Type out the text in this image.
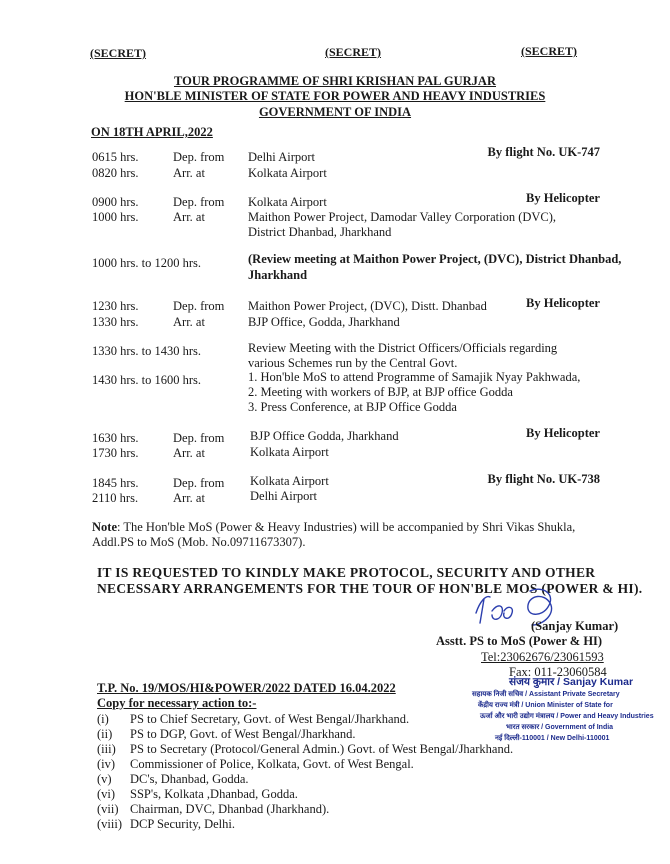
(SECRET)	(SECRET)	(SECRET)
TOUR PROGRAMME OF SHRI KRISHAN PAL GURJAR
HON'BLE MINISTER OF STATE FOR POWER AND HEAVY INDUSTRIES
GOVERNMENT OF INDIA
ON 18TH APRIL,2022
0615 hrs.	Dep. from Delhi Airport	By flight No. UK-747
0820 hrs.	Arr. at	Kolkata Airport
0900 hrs.	Dep. from Kolkata Airport	By Helicopter
1000 hrs.	Arr. at	Maithon Power Project, Damodar Valley Corporation (DVC),
District Dhanbad, Jharkhand
1000 hrs. to 1200 hrs.	(Review meeting at Maithon Power Project, (DVC), District Dhanbad,
Jharkhand
1230 hrs.	Dep. from Maithon Power Project, (DVC), Distt. Dhanbad	By Helicopter
1330 hrs.	Arr. at	BJP Office, Godda, Jharkhand
1330 hrs. to 1430 hrs.	Review Meeting with the District Officers/Officials regarding
various Schemes run by the Central Govt.
1430 hrs. to 1600 hrs.	1. Hon'ble MoS to attend Programme of Samajik Nyay Pakhwada,
2. Meeting with workers of BJP, at BJP office Godda
3. Press Conference, at BJP Office Godda
1630 hrs.	Dep. from BJP Office Godda, Jharkhand	By Helicopter
1730 hrs.	Arr. at	Kolkata Airport
1845 hrs.	Dep. from Kolkata Airport	By flight No. UK-738
2110 hrs.	Arr. at	Delhi Airport
Note: The Hon'ble MoS (Power & Heavy Industries) will be accompanied by Shri Vikas Shukla,
Addl.PS to MoS (Mob. No.09711673307).
IT IS REQUESTED TO KINDLY MAKE PROTOCOL, SECURITY AND OTHER
NECESSARY ARRANGEMENTS FOR THE TOUR OF HON'BLE MOS (POWER & HI).
(Sanjay Kumar)
Asstt. PS to MoS (Power & HI)
Tel:23062676/23061593
Fax: 011-23060584
संजय कुमार / Sanjay Kumar
सहायक निजी सचिव / Assistant Private Secretary
केंद्रीय राज्य मंत्री / Union Minister of State for
ऊर्जा और भारी उद्योग मंत्रालय / Power and Heavy Industries
भारत सरकार / Government of India
नई दिल्ली-110001 / New Delhi-110001
T.P. No. 19/MOS/HI&POWER/2022 DATED 16.04.2022
Copy for necessary action to:-
(i) PS to Chief Secretary, Govt. of West Bengal/Jharkhand.
(ii) PS to DGP, Govt. of West Bengal/Jharkhand.
(iii) PS to Secretary (Protocol/General Admin.) Govt. of West Bengal/Jharkhand.
(iv) Commissioner of Police, Kolkata, Govt. of West Bengal.
(v) DC's, Dhanbad, Godda.
(vi) SSP's, Kolkata ,Dhanbad, Godda.
(vii) Chairman, DVC, Dhanbad (Jharkhand).
(viii) DCP Security, Delhi.
